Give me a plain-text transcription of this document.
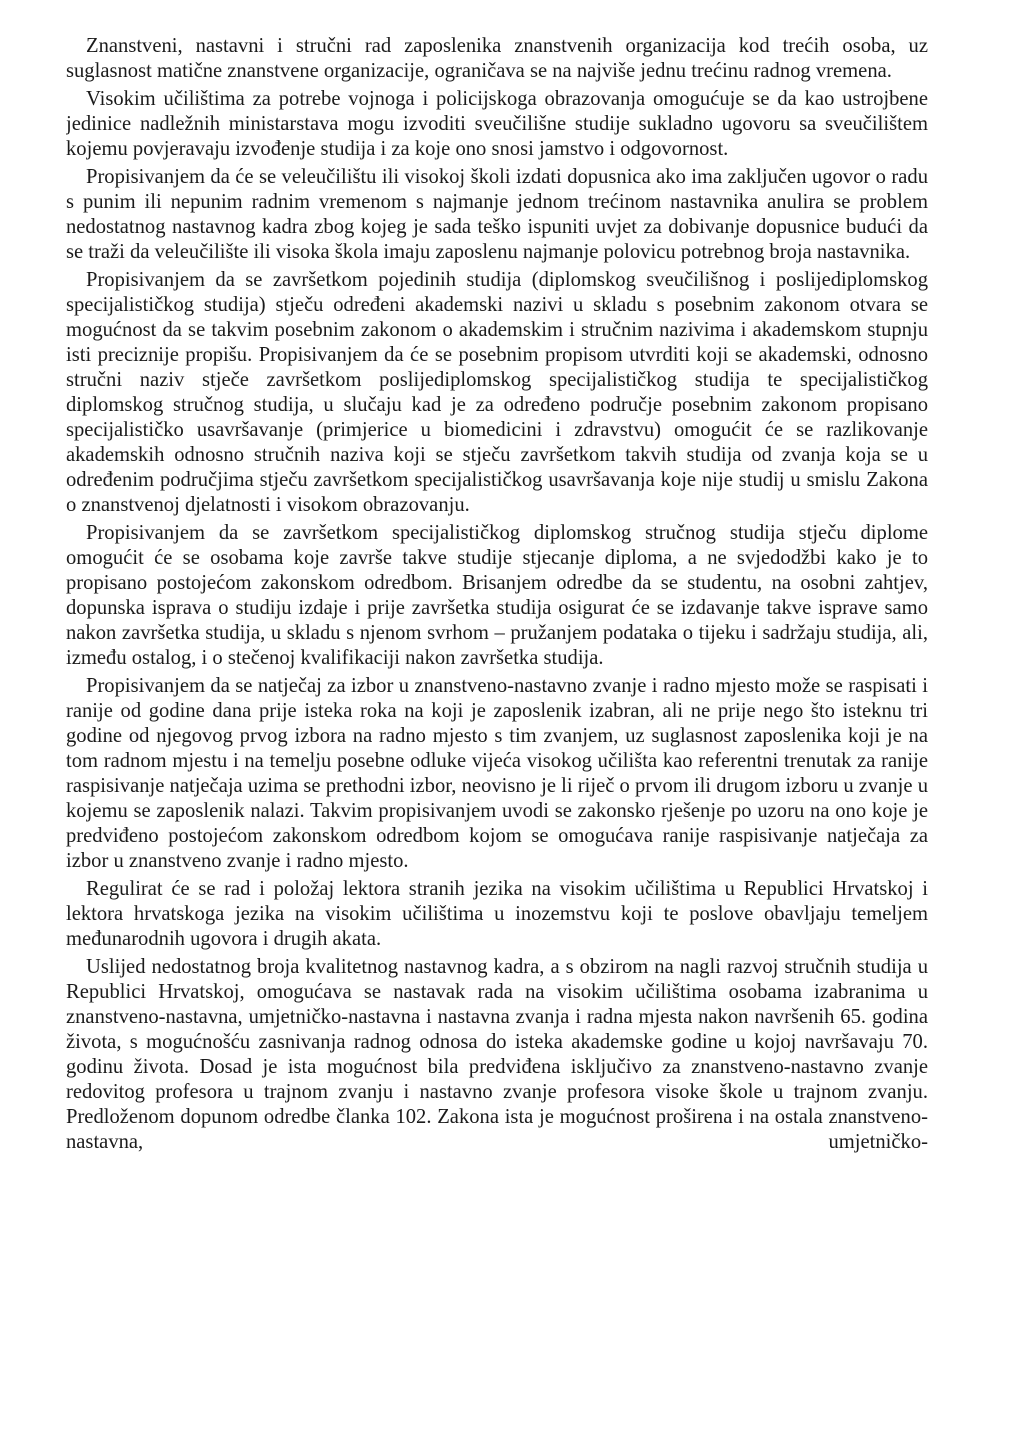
Znanstveni, nastavni i stručni rad zaposlenika znanstvenih organizacija kod trećih osoba, uz suglasnost matične znanstvene organizacije, ograničava se na najviše jednu trećinu radnog vremena.

Visokim učilištima za potrebe vojnoga i policijskoga obrazovanja omogućuje se da kao ustrojbene jedinice nadležnih ministarstava mogu izvoditi sveučilišne studije sukladno ugovoru sa sveučilištem kojemu povjeravaju izvođenje studija i za koje ono snosi jamstvo i odgovornost.

Propisivanjem da će se veleučilištu ili visokoj školi izdati dopusnica ako ima zaključen ugovor o radu s punim ili nepunim radnim vremenom s najmanje jednom trećinom nastavnika anulira se problem nedostatnog nastavnog kadra zbog kojeg je sada teško ispuniti uvjet za dobivanje dopusnice budući da se traži da veleučilište ili visoka škola imaju zaposlenu najmanje polovicu potrebnog broja nastavnika.

Propisivanjem da se završetkom pojedinih studija (diplomskog sveučilišnog i poslijediplomskog specijalističkog studija) stječu određeni akademski nazivi u skladu s posebnim zakonom otvara se mogućnost da se takvim posebnim zakonom o akademskim i stručnim nazivima i akademskom stupnju isti preciznije propišu. Propisivanjem da će se posebnim propisom utvrditi koji se akademski, odnosno stručni naziv stječe završetkom poslijediplomskog specijalističkog studija te specijalističkog diplomskog stručnog studija, u slučaju kad je za određeno područje posebnim zakonom propisano specijalističko usavršavanje (primjerice u biomedicini i zdravstvu) omogućit će se razlikovanje akademskih odnosno stručnih naziva koji se stječu završetkom takvih studija od zvanja koja se u određenim područjima stječu završetkom specijalističkog usavršavanja koje nije studij u smislu Zakona o znanstvenoj djelatnosti i visokom obrazovanju.

Propisivanjem da se završetkom specijalističkog diplomskog stručnog studija stječu diplome omogućit će se osobama koje završe takve studije stjecanje diploma, a ne svjedodžbi kako je to propisano postojećom zakonskom odredbom. Brisanjem odredbe da se studentu, na osobni zahtjev, dopunska isprava o studiju izdaje i prije završetka studija osigurat će se izdavanje takve isprave samo nakon završetka studija, u skladu s njenom svrhom – pružanjem podataka o tijeku i sadržaju studija, ali, između ostalog, i o stečenoj kvalifikaciji nakon završetka studija.

Propisivanjem da se natječaj za izbor u znanstveno-nastavno zvanje i radno mjesto može se raspisati i ranije od godine dana prije isteka roka na koji je zaposlenik izabran, ali ne prije nego što isteknu tri godine od njegovog prvog izbora na radno mjesto s tim zvanjem, uz suglasnost zaposlenika koji je na tom radnom mjestu i na temelju posebne odluke vijeća visokog učilišta kao referentni trenutak za ranije raspisivanje natječaja uzima se prethodni izbor, neovisno je li riječ o prvom ili drugom izboru u zvanje u kojemu se zaposlenik nalazi. Takvim propisivanjem uvodi se zakonsko rješenje po uzoru na ono koje je predviđeno postojećom zakonskom odredbom kojom se omogućava ranije raspisivanje natječaja za izbor u znanstveno zvanje i radno mjesto.

Regulirat će se rad i položaj lektora stranih jezika na visokim učilištima u Republici Hrvatskoj i lektora hrvatskoga jezika na visokim učilištima u inozemstvu koji te poslove obavljaju temeljem međunarodnih ugovora i drugih akata.

Uslijed nedostatnog broja kvalitetnog nastavnog kadra, a s obzirom na nagli razvoj stručnih studija u Republici Hrvatskoj, omogućava se nastavak rada na visokim učilištima osobama izabranima u znanstveno-nastavna, umjetničko-nastavna i nastavna zvanja i radna mjesta nakon navršenih 65. godina života, s mogućnošću zasnivanja radnog odnosa do isteka akademske godine u kojoj navršavaju 70. godinu života. Dosad je ista mogućnost bila predviđena isključivo za znanstveno-nastavno zvanje redovitog profesora u trajnom zvanju i nastavno zvanje profesora visoke škole u trajnom zvanju. Predloženom dopunom odredbe članka 102. Zakona ista je mogućnost proširena i na ostala znanstveno-nastavna, umjetničko-
